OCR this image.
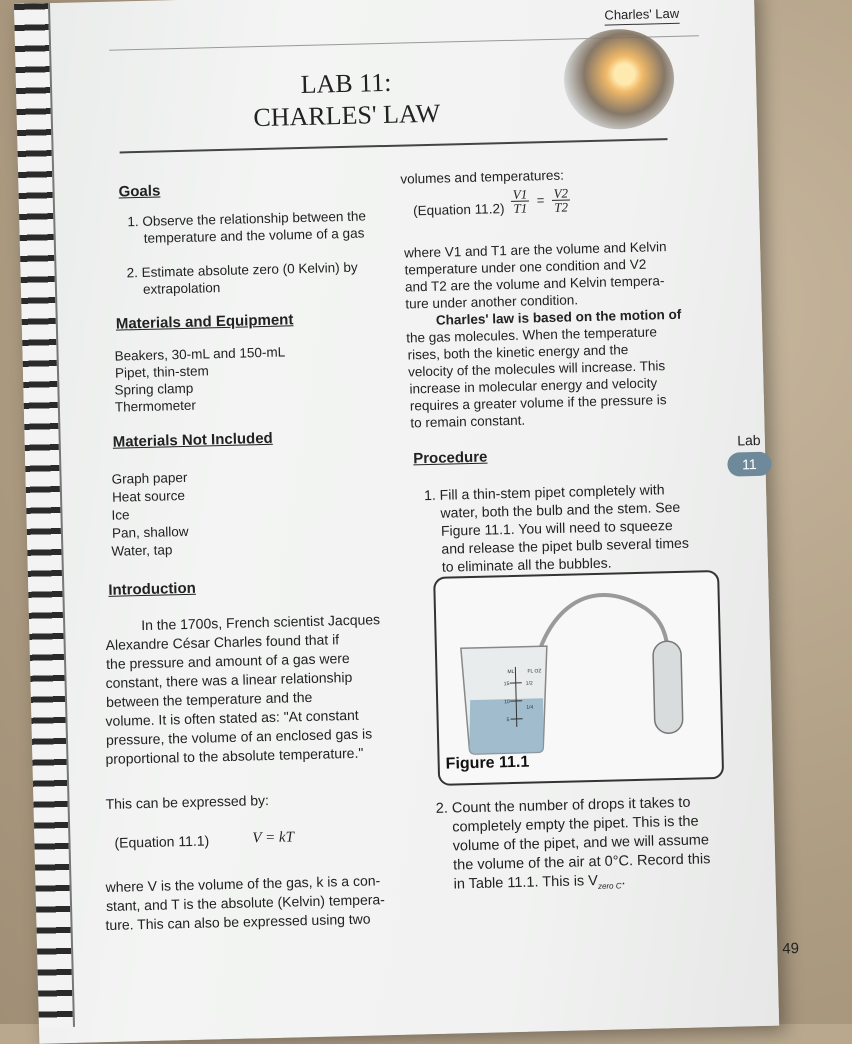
Charles' Law
LAB 11:
CHARLES' LAW
Goals
1. Observe the relationship between the
temperature and the volume of a gas
2. Estimate absolute zero (0 Kelvin) by
extrapolation
Materials and Equipment
Beakers, 30-mL and 150-mL
Pipet, thin-stem
Spring clamp
Thermometer
Materials Not Included
Graph paper
Heat source
Ice
Pan, shallow
Water, tap
Introduction
In the 1700s, French scientist Jacques
Alexandre César Charles found that if
the pressure and amount of a gas were
constant, there was a linear relationship
between the temperature and the
volume. It is often stated as: "At constant
pressure, the volume of an enclosed gas is
proportional to the absolute temperature."
This can be expressed by:
(Equation 11.1)	V = kT
where V is the volume of the gas, k is a con-
stant, and T is the absolute (Kelvin) tempera-
ture. This can also be expressed using two
volumes and temperatures:
(Equation $11.2) \frac{V1}{T1} = \frac{V2}{T2}$
where V1 and T1 are the volume and Kelvin
temperature under one condition and V2
and T2 are the volume and Kelvin tempera-
ture under another condition.
Charles' law is based on the motion of
the gas molecules. When the temperature
rises, both the kinetic energy and the
velocity of the molecules will increase. This
increase in molecular energy and velocity
requires a greater volume if the pressure is
to remain constant.
Procedure
Lab
11
1. Fill a thin-stem pipet completely with
water, both the bulb and the stem. See
Figure 11.1. You will need to squeeze
and release the pipet bulb several times
to eliminate all the bubbles.
ML	FL OZ
15	1/2
10
1/4
5
Figure 11.1
2. Count the number of drops it takes to
completely empty the pipet. This is the
volume of the pipet, and we will assume
the volume of the air at 0°C. Record this
in Table 11.1. This is $V_{zero C}$.
49
